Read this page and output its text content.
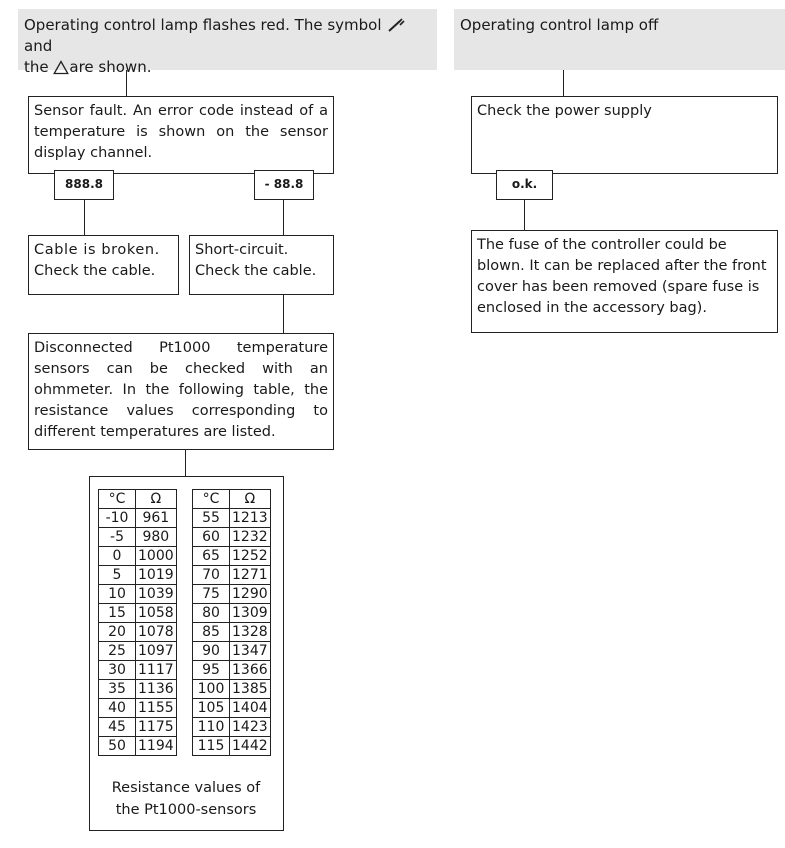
Operating control lamp flashes red. The symbol  and
the are shown.
Sensor fault. An error code instead of a temperature is shown on the sensor display channel.
888.8	- 88.8
Cable is broken.
Check the cable.
Short-circuit.
Check the cable.
Disconnected Pt1000 temperature sensors can be checked with an ohmmeter. In the following table, the resistance values corresponding to different temperatures are listed.
°C	Ω
-10	961
-5	980
0	1000
5	1019
10	1039
15	1058
20	1078
25	1097
30	1117
35	1136
40	1155
45	1175
50	1194
°C	Ω
55	1213
60	1232
65	1252
70	1271
75	1290
80	1309
85	1328
90	1347
95	1366
100	1385
105	1404
110	1423
115	1442
Resistance values of
the Pt1000-sensors
Operating control lamp off
Check the power supply
o.k.
The fuse of the controller could be blown. It can be replaced after the front cover has been removed (spare fuse is enclosed in the accessory bag).
